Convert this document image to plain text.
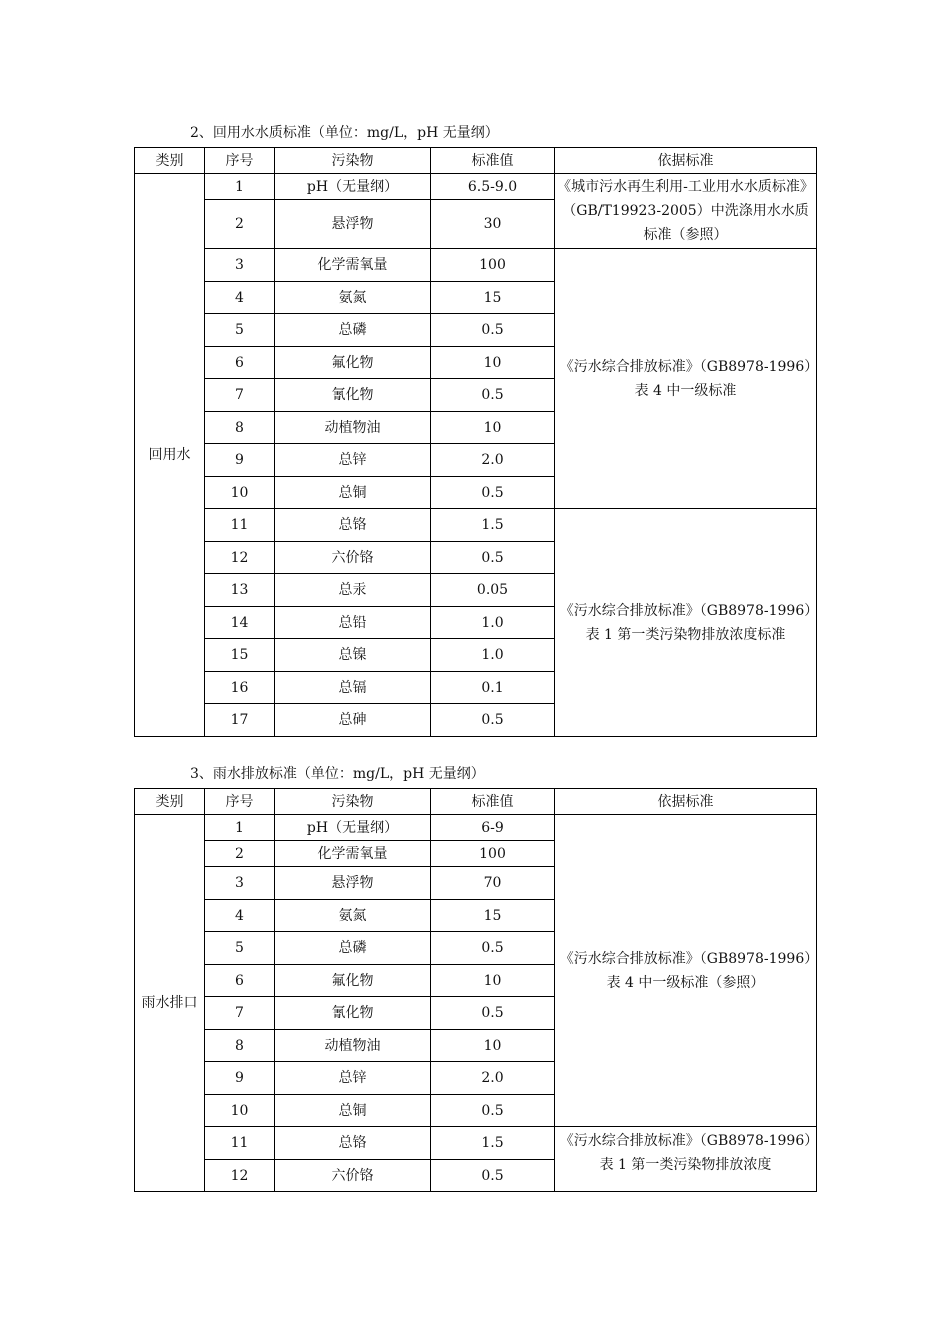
2、回用水水质标准（单位：mg/L，pH 无量纲）
类别	序号	污染物	标准值	依据标准
回用水	1	pH（无量纲）	6.5-9.0	《城市污水再生利用-工业用水水质标准》（GB/T19923-2005）中洗涤用水水质标准（参照）
	2	悬浮物	30	
	3	化学需氧量	100	《污水综合排放标准》（GB8978-1996）表 4 中一级标准
	4	氨氮	15	
	5	总磷	0.5	
	6	氟化物	10	
	7	氰化物	0.5	
	8	动植物油	10	
	9	总锌	2.0	
	10	总铜	0.5	
	11	总铬	1.5	《污水综合排放标准》（GB8978-1996）表 1 第一类污染物排放浓度标准
	12	六价铬	0.5	
	13	总汞	0.05	
	14	总铅	1.0	
	15	总镍	1.0	
	16	总镉	0.1	
	17	总砷	0.5	
3、雨水排放标准（单位：mg/L，pH 无量纲）
类别	序号	污染物	标准值	依据标准
雨水排口	1	pH（无量纲）	6-9	《污水综合排放标准》（GB8978-1996）表 4 中一级标准（参照）
	2	化学需氧量	100	
	3	悬浮物	70	
	4	氨氮	15	
	5	总磷	0.5	
	6	氟化物	10	
	7	氰化物	0.5	
	8	动植物油	10	
	9	总锌	2.0	
	10	总铜	0.5	
	11	总铬	1.5	《污水综合排放标准》（GB8978-1996）表 1 第一类污染物排放浓度
	12	六价铬	0.5	
